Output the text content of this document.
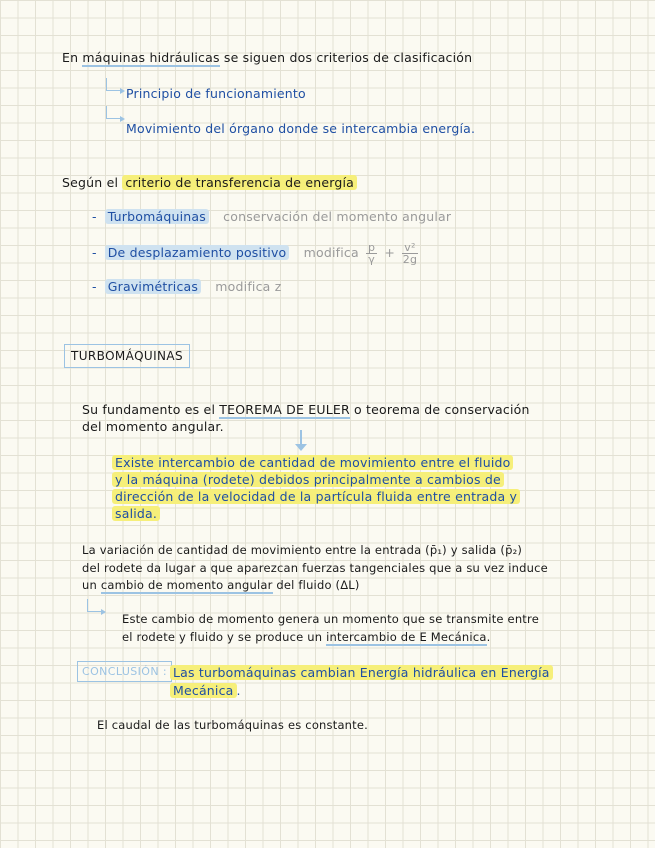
En máquinas hidráulicas se siguen dos criterios de clasificación
Principio de funcionamiento
Movimiento del órgano donde se intercambia energía.
Según el criterio de transferencia de energía
- Turbomáquinas conservación del momento angular
- De desplazamiento positivo modifica $\frac{p}{\gamma} + \frac{\text{v²}}{2g}$
- Gravimétricas modifica z
TURBOMÁQUINAS
Su fundamento es el TEOREMA DE EULER o teorema de conservación
del momento angular.
Existe intercambio de cantidad de movimiento entre el fluido
y la máquina (rodete) debidos principalmente a cambios de
dirección de la velocidad de la partícula fluida entre entrada y
salida.
La variación de cantidad de movimiento entre la entrada (p̄₁) y salida (p̄₂)
del rodete da lugar a que aparezcan fuerzas tangenciales que a su vez induce
un cambio de momento angular del fluido (ΔL)
Este cambio de momento genera un momento que se transmite entre
el rodete y fluido y se produce un intercambio de E Mecánica.
CONCLUSIÓN : Las turbomáquinas cambian Energía hidráulica en Energía
Mecánica .
El caudal de las turbomáquinas es constante.
